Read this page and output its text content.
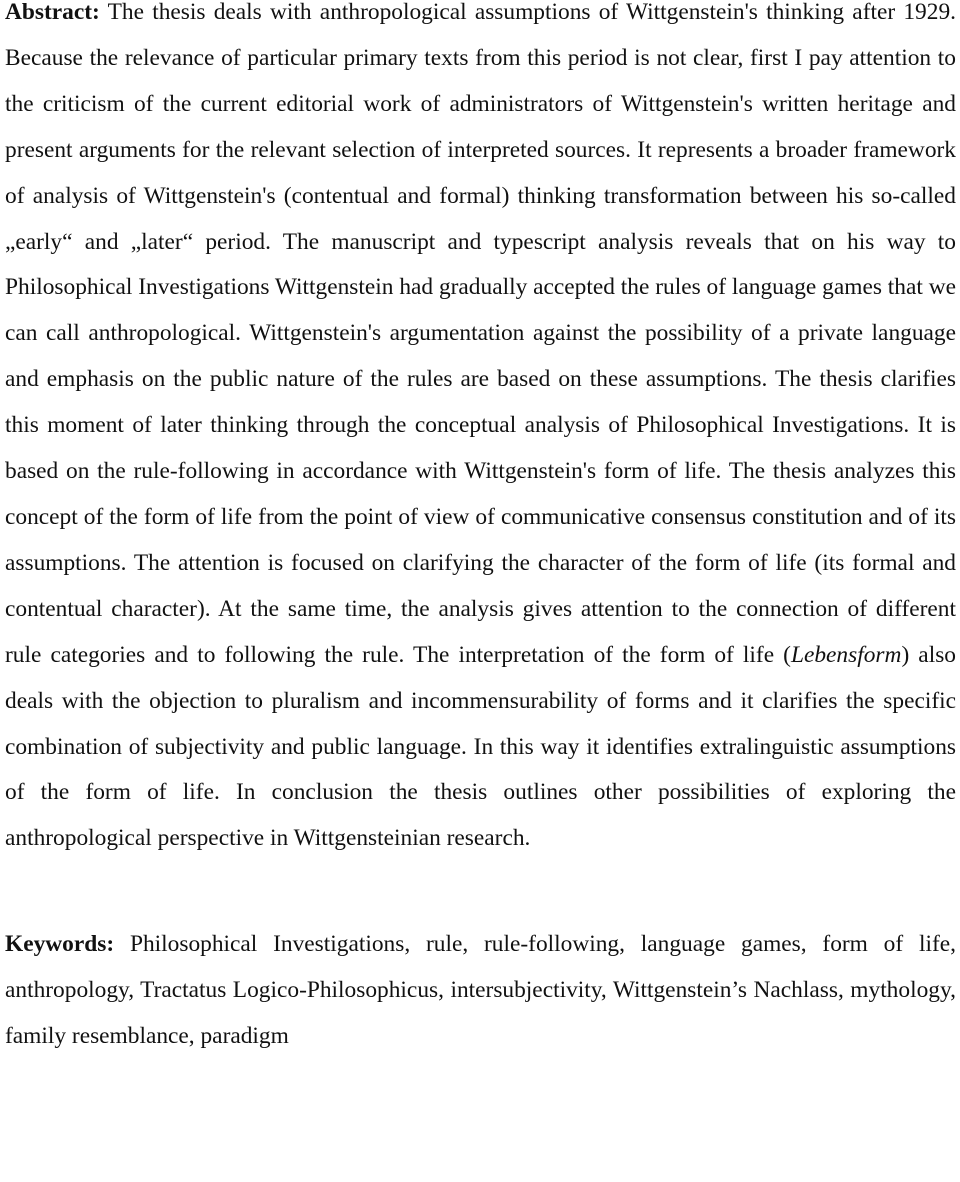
Abstract: The thesis deals with anthropological assumptions of Wittgenstein's thinking after 1929. Because the relevance of particular primary texts from this period is not clear, first I pay attention to the criticism of the current editorial work of administrators of Wittgenstein's written heritage and present arguments for the relevant selection of interpreted sources. It represents a broader framework of analysis of Wittgenstein's (contentual and formal) thinking transformation between his so-called „early“ and „later“ period. The manuscript and typescript analysis reveals that on his way to Philosophical Investigations Wittgenstein had gradually accepted the rules of language games that we can call anthropological. Wittgenstein's argumentation against the possibility of a private language and emphasis on the public nature of the rules are based on these assumptions. The thesis clarifies this moment of later thinking through the conceptual analysis of Philosophical Investigations. It is based on the rule-following in accordance with Wittgenstein's form of life. The thesis analyzes this concept of the form of life from the point of view of communicative consensus constitution and of its assumptions. The attention is focused on clarifying the character of the form of life (its formal and contentual character). At the same time, the analysis gives attention to the connection of different rule categories and to following the rule. The interpretation of the form of life (Lebensform) also deals with the objection to pluralism and incommensurability of forms and it clarifies the specific combination of subjectivity and public language. In this way it identifies extralinguistic assumptions of the form of life. In conclusion the thesis outlines other possibilities of exploring the anthropological perspective in Wittgensteinian research.

Keywords: Philosophical Investigations, rule, rule-following, language games, form of life, anthropology, Tractatus Logico-Philosophicus, intersubjectivity, Wittgenstein’s Nachlass, mythology, family resemblance, paradigm
